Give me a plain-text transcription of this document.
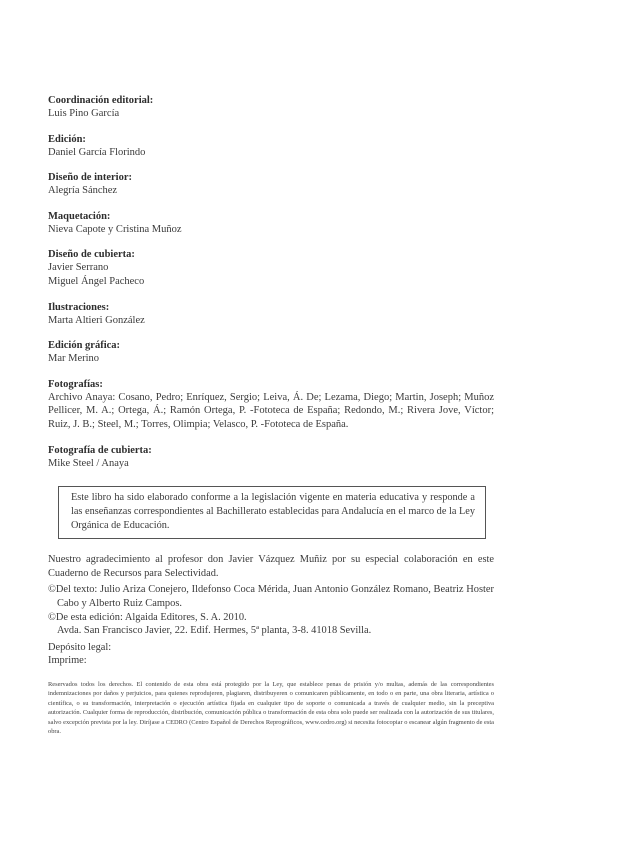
Coordinación editorial:
Luis Pino García
Edición:
Daniel García Florindo
Diseño de interior:
Alegría Sánchez
Maquetación:
Nieva Capote y Cristina Muñoz
Diseño de cubierta:
Javier Serrano
Miguel Ángel Pacheco
Ilustraciones:
Marta Altieri González
Edición gráfica:
Mar Merino
Fotografías:
Archivo Anaya: Cosano, Pedro; Enríquez, Sergio; Leiva, Á. De; Lezama, Diego; Martin, Joseph; Muñoz Pellicer, M. A.; Ortega, Á.; Ramón Ortega, P. -Fototeca de España; Redondo, M.; Rivera Jove, Víctor; Ruiz, J. B.; Steel, M.; Torres, Olimpia; Velasco, P. -Fototeca de España.
Fotografía de cubierta:
Mike Steel / Anaya
Este libro ha sido elaborado conforme a la legislación vigente en materia educativa y responde a las enseñanzas correspondientes al Bachillerato establecidas para Andalucía en el marco de la Ley Orgánica de Educación.
Nuestro agradecimiento al profesor don Javier Vázquez Muñiz por su especial colaboración en este Cuaderno de Recursos para Selectividad.
©Del texto: Julio Ariza Conejero, Ildefonso Coca Mérida, Juan Antonio González Romano, Beatriz Hoster Cabo y Alberto Ruiz Campos.
©De esta edición: Algaida Editores, S. A. 2010.
Avda. San Francisco Javier, 22. Edif. Hermes, 5ª planta, 3-8. 41018 Sevilla.
Depósito legal:
Imprime:
Reservados todos los derechos. El contenido de esta obra está protegido por la Ley, que establece penas de prisión y/o multas, además de las correspondientes indemnizaciones por daños y perjuicios, para quienes reprodujeren, plagiaren, distribuyeren o comunicaren públicamente, en todo o en parte, una obra literaria, artística o científica, o su transformación, interpretación o ejecución artística fijada en cualquier tipo de soporte o comunicada a través de cualquier medio, sin la preceptiva autorización. Cualquier forma de reproducción, distribución, comunicación pública o transformación de esta obra solo puede ser realizada con la autorización de sus titulares, salvo excepción prevista por la ley. Diríjase a CEDRO (Centro Español de Derechos Reprográficos, www.cedro.org) si necesita fotocopiar o escanear algún fragmento de esta obra.
